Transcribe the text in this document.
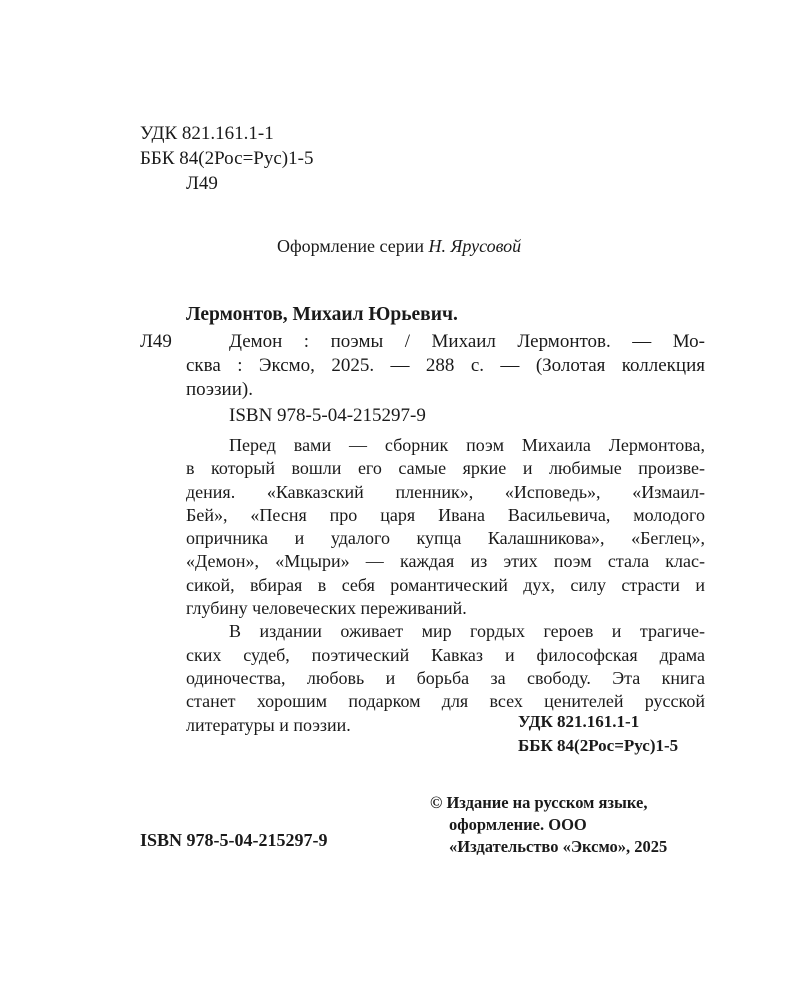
УДК 821.161.1-1
ББК 84(2Рос=Рус)1-5
Л49
Оформление серии Н. Ярусовой
Лермонтов, Михаил Юрьевич.
Л49	Демон : поэмы / Михаил Лермонтов. — Мо-
сква : Эксмо, 2025. — 288 с. — (Золотая коллекция
поэзии).
ISBN 978-5-04-215297-9
Перед вами — сборник поэм Михаила Лермонтова,
в который вошли его самые яркие и любимые произве-
дения. «Кавказский пленник», «Исповедь», «Измаил-
Бей», «Песня про царя Ивана Васильевича, молодого
опричника и удалого купца Калашникова», «Беглец»,
«Демон», «Мцыри» — каждая из этих поэм стала клас-
сикой, вбирая в себя романтический дух, силу страсти и
глубину человеческих переживаний.
В издании оживает мир гордых героев и трагиче-
ских судеб, поэтический Кавказ и философская драма
одиночества, любовь и борьба за свободу. Эта книга
станет хорошим подарком для всех ценителей русской
литературы и поэзии.	УДК 821.161.1-1
ББК 84(2Рос=Рус)1-5
ISBN 978-5-04-215297-9
© Издание на русском языке,
оформление. ООО
«Издательство «Эксмо», 2025
